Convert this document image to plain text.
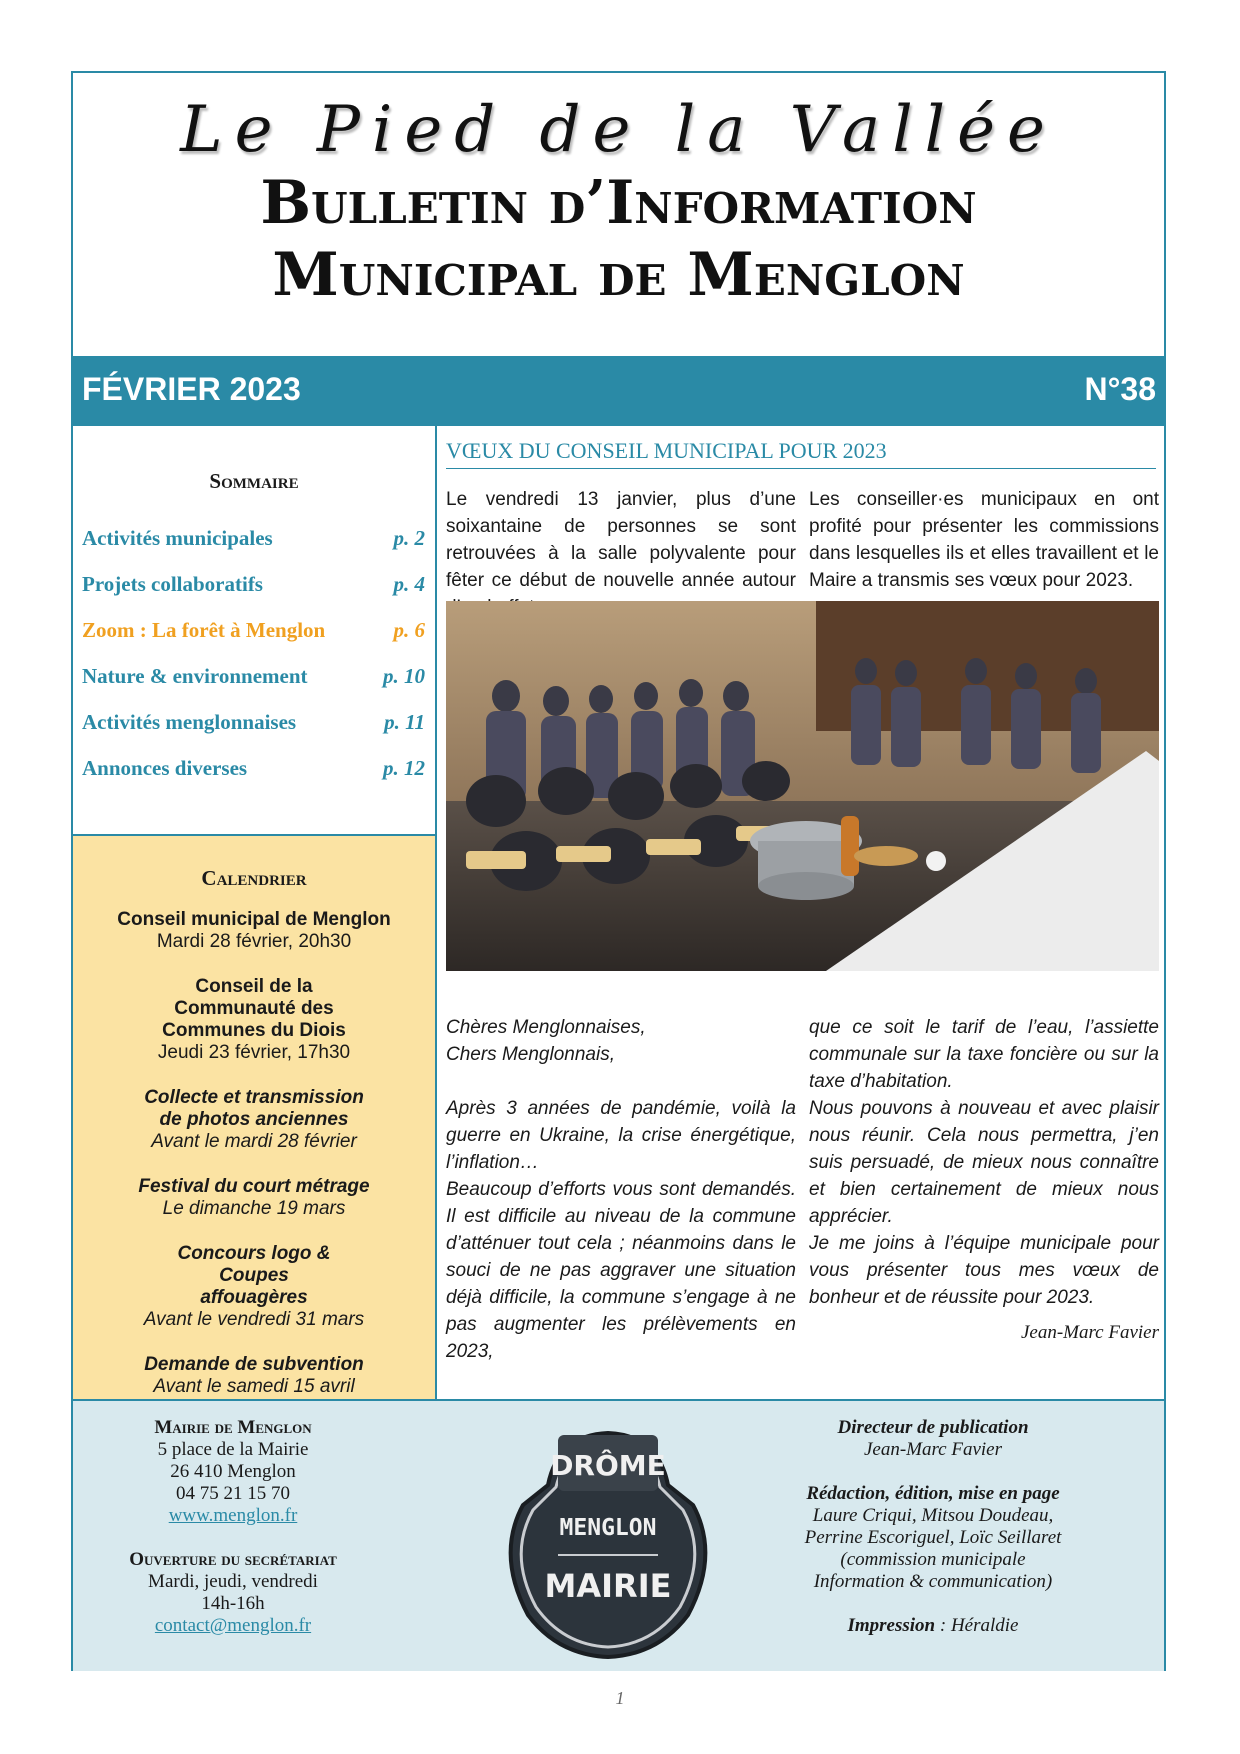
Le Pied de la Vallée
Bulletin d’Information
Municipal de Menglon
FÉVRIER 2023	N°38
Sommaire
Activités municipales	p. 2
Projets collaboratifs	p. 4
Zoom : La forêt à Menglon	p. 6
Nature & environnement	p. 10
Activités menglonnaises	p. 11
Annonces diverses	p. 12
Calendrier
Conseil municipal de Menglon
Mardi 28 février, 20h30
Conseil de la Communauté des Communes du Diois
Jeudi 23 février, 17h30
Collecte et transmission de photos anciennes
Avant le mardi 28 février
Festival du court métrage
Le dimanche 19 mars
Concours logo & Coupes affouagères
Avant le vendredi 31 mars
Demande de subvention
Avant le samedi 15 avril
VŒUX DU CONSEIL MUNICIPAL POUR 2023
Le vendredi 13 janvier, plus d’une soixantaine de personnes se sont retrouvées à la salle polyvalente pour fêter ce début de nouvelle année autour
Les conseiller·es municipaux en ont profité pour présenter les commissions dans lesquelles ils et elles travaillent et le Maire a transmis ses vœux pour 2023.

Chères Menglonnaises,

Chers Menglonnais,

Après 3 années de pandémie, voilà la guerre en Ukraine, la crise énergétique, l’inflation…

Beaucoup d’efforts vous sont demandés. Il est difficile au niveau de la commune d’atténuer tout cela ; néanmoins dans le souci de ne pas aggraver une situation déjà difficile, la commune s’engage à ne pas augmenter les prélèvements en 2023,

que ce soit le tarif de l’eau, l’assiette communale sur la taxe foncière ou sur la taxe d’habitation.

Nous pouvons à nouveau et avec plaisir nous réunir. Cela nous permettra, j’en suis persuadé, de mieux nous connaître et bien certainement de mieux nous apprécier.

Je me joins à l’équipe municipale pour vous présenter tous mes vœux de bonheur et de réussite pour 2023.

Jean-Marc Favier
Mairie de Menglon
5 place de la Mairie
26 410 Menglon
04 75 21 15 70
www.menglon.fr
Ouverture du secrétariat
Mardi, jeudi, vendredi
14h-16h
contact@menglon.fr
DRÔME
MENGLON
MAIRIE
Directeur de publication
Jean-Marc Favier
Rédaction, édition, mise en page
Laure Criqui, Mitsou Doudeau,
Perrine Escoriguel, Loïc Seillaret
(commission municipale
Information & communication)
Impression : Héraldie
1
